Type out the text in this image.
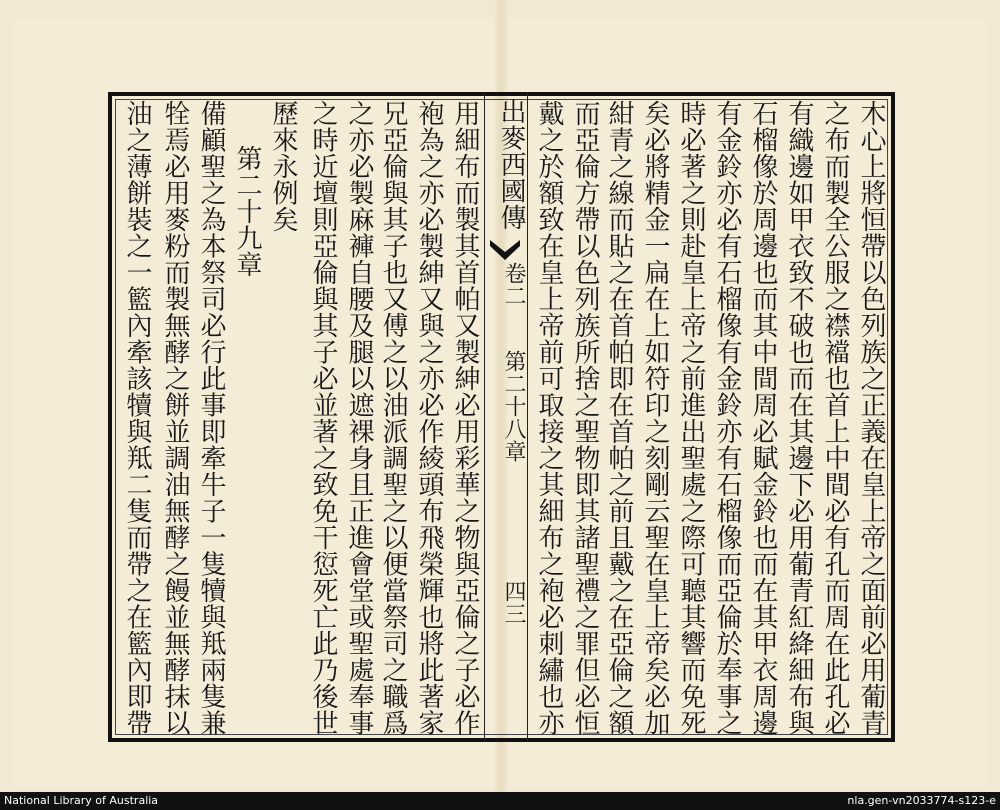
用細布而製其首帕又製紳必用彩華之物與亞倫之子必作
袍為之亦必製紳又與之亦必作綾頭布飛榮輝也將此著家
兄亞倫與其子也又傅之以油派調聖之以便當祭司之職爲
之亦必製麻褲自腰及腿以遮裸身且正進會堂或聖處奉事
之時近壇則亞倫與其子必並著之致免干愆死亡此乃後世
歷來永例矣
第二十九章
備顧聖之為本祭司必行此事即牽牛子一隻犢與羝兩隻兼
牷焉必用麥粉而製無酵之餅並調油無酵之饅並無酵抹以
油之薄餅裝之一籃內牽該犢與羝二隻而帶之在籃內即帶	出麥西國傳
卷二
第二十八章
四三	木心上將恒帶以色列族之正義在皇上帝之面前必用葡青
之布而製全公服之襟襠也首上中間必有孔而周在此孔必
有織邊如甲衣致不破也而在其邊下必用葡青紅絳細布與
石榴像於周邊也而其中間周必賦金鈴也而在其甲衣周邊
有金鈴亦必有石榴像有金鈴亦有石榴像而亞倫於奉事之
時必著之則赴皇上帝之前進出聖處之際可聽其響而免死
矣必將精金一扁在上如符印之刻剛云聖在皇上帝矣必加
紺青之線而貼之在首帕即在首帕之前且戴之在亞倫之額
而亞倫方帶以色列族所捨之聖物即其諸聖禮之罪但必恒
戴之於額致在皇上帝前可取接之其細布之袍必刺繡也亦
National Library of Australia	nla.gen-vn2033774-s123-e
